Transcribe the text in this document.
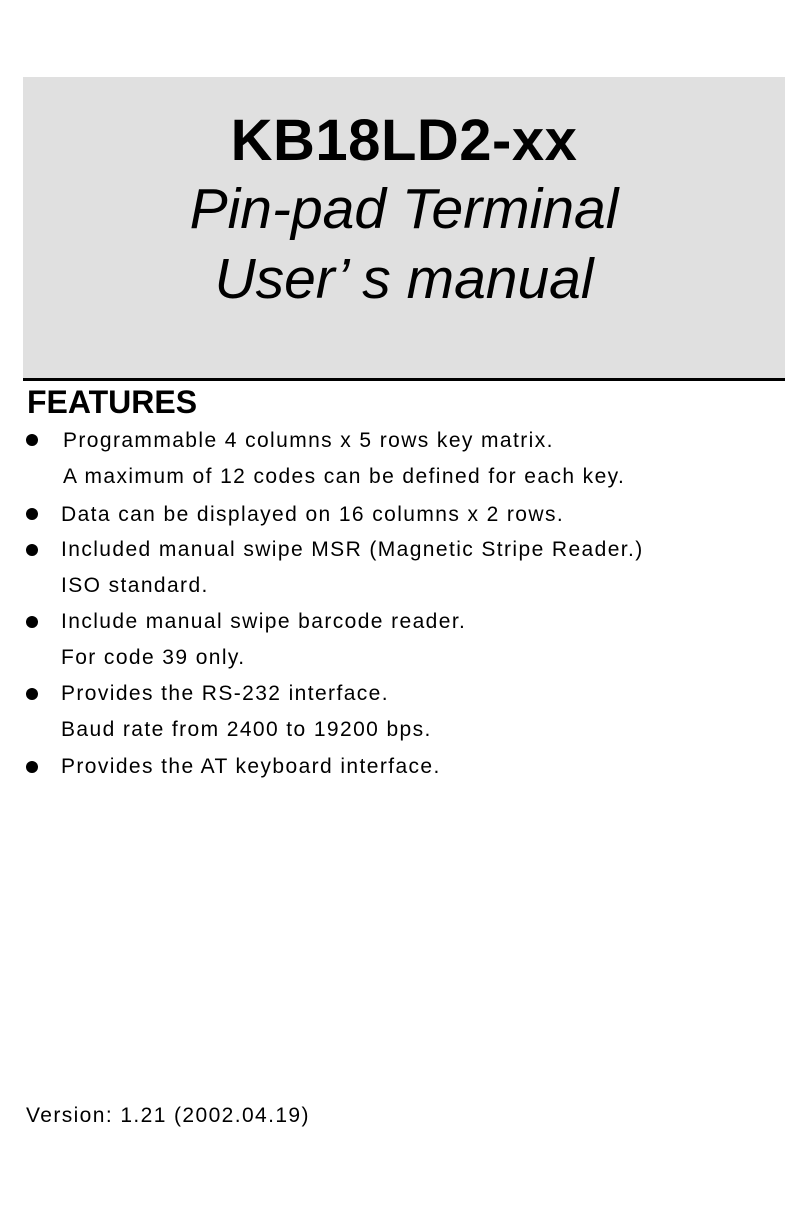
KB18LD2-xx
Pin-pad Terminal
User’ s manual
FEATURES
Programmable 4 columns x 5 rows key matrix.
A maximum of 12 codes can be defined for each key.
Data can be displayed on 16 columns x 2 rows.
Included manual swipe MSR (Magnetic Stripe Reader.)
ISO standard.
Include manual swipe barcode reader.
For code 39 only.
Provides the RS-232 interface.
Baud rate from 2400 to 19200 bps.
Provides the AT keyboard interface.
Version: 1.21 (2002.04.19)
